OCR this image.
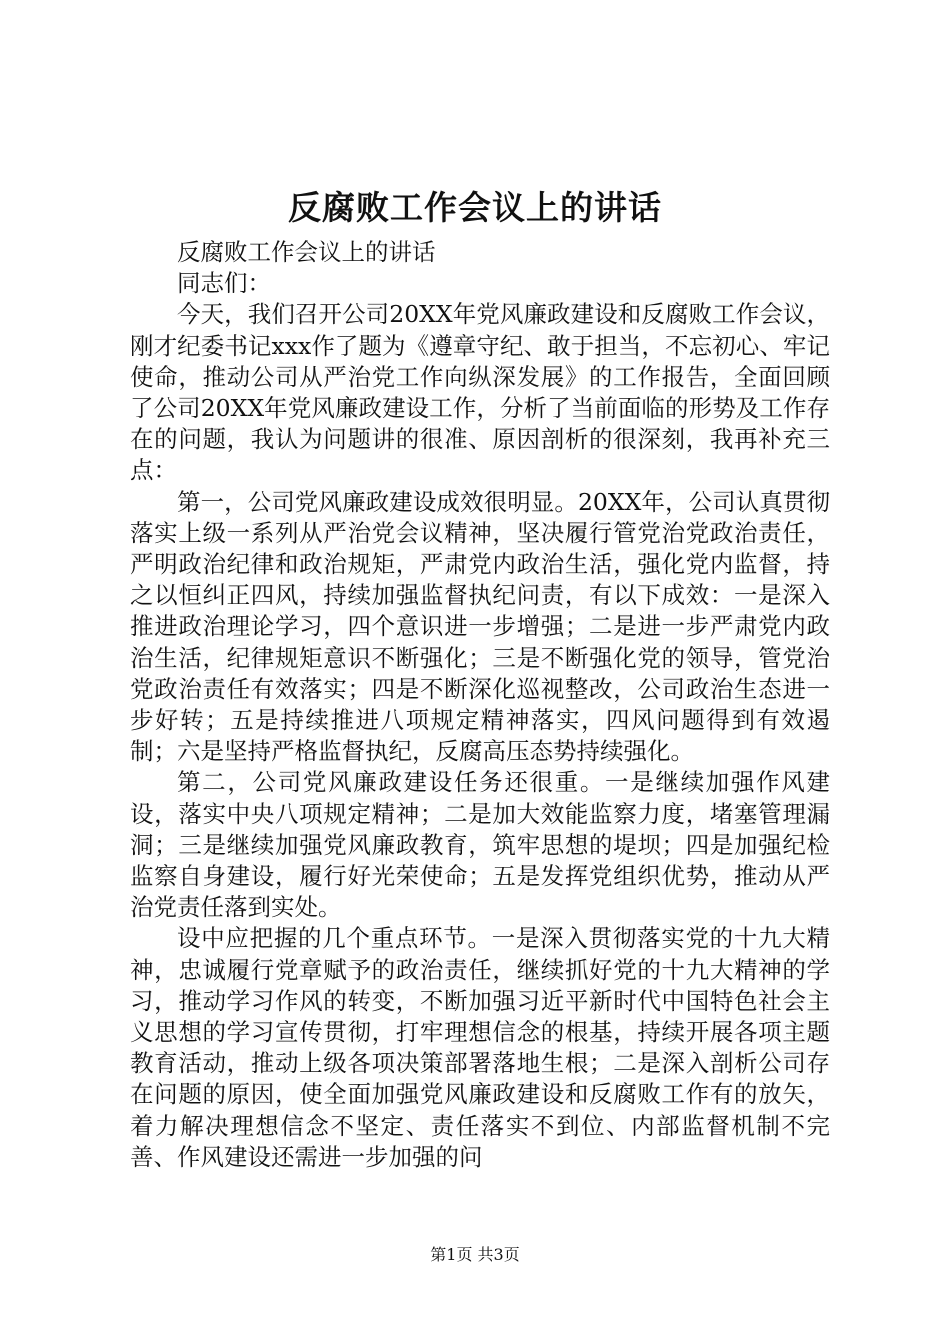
反腐败工作会议上的讲话

反腐败工作会议上的讲话

同志们：

今天，我们召开公司20XX年党风廉政建设和反腐败工作会议，刚才纪委书记xxx作了题为《遵章守纪、敢于担当，不忘初心、牢记使命，推动公司从严治党工作向纵深发展》的工作报告，全面回顾了公司20XX年党风廉政建设工作，分析了当前面临的形势及工作存在的问题，我认为问题讲的很准、原因剖析的很深刻，我再补充三点：

第一，公司党风廉政建设成效很明显。20XX年，公司认真贯彻落实上级一系列从严治党会议精神，坚决履行管党治党政治责任，严明政治纪律和政治规矩，严肃党内政治生活，强化党内监督，持之以恒纠正四风，持续加强监督执纪问责，有以下成效：一是深入推进政治理论学习，四个意识进一步增强；二是进一步严肃党内政治生活，纪律规矩意识不断强化；三是不断强化党的领导，管党治党政治责任有效落实；四是不断深化巡视整改，公司政治生态进一步好转；五是持续推进八项规定精神落实，四风问题得到有效遏制；六是坚持严格监督执纪，反腐高压态势持续强化。

第二，公司党风廉政建设任务还很重。一是继续加强作风建设，落实中央八项规定精神；二是加大效能监察力度，堵塞管理漏洞；三是继续加强党风廉政教育，筑牢思想的堤坝；四是加强纪检监察自身建设，履行好光荣使命；五是发挥党组织优势，推动从严治党责任落到实处。

设中应把握的几个重点环节。一是深入贯彻落实党的十九大精神，忠诚履行党章赋予的政治责任，继续抓好党的十九大精神的学习，推动学习作风的转变，不断加强习近平新时代中国特色社会主义思想的学习宣传贯彻，打牢理想信念的根基，持续开展各项主题教育活动，推动上级各项决策部署落地生根；二是深入剖析公司存在问题的原因，使全面加强党风廉政建设和反腐败工作有的放矢，着力解决理想信念不坚定、责任落实不到位、内部监督机制不完善、作风建设还需进一步加强的问

第1页 共3页
